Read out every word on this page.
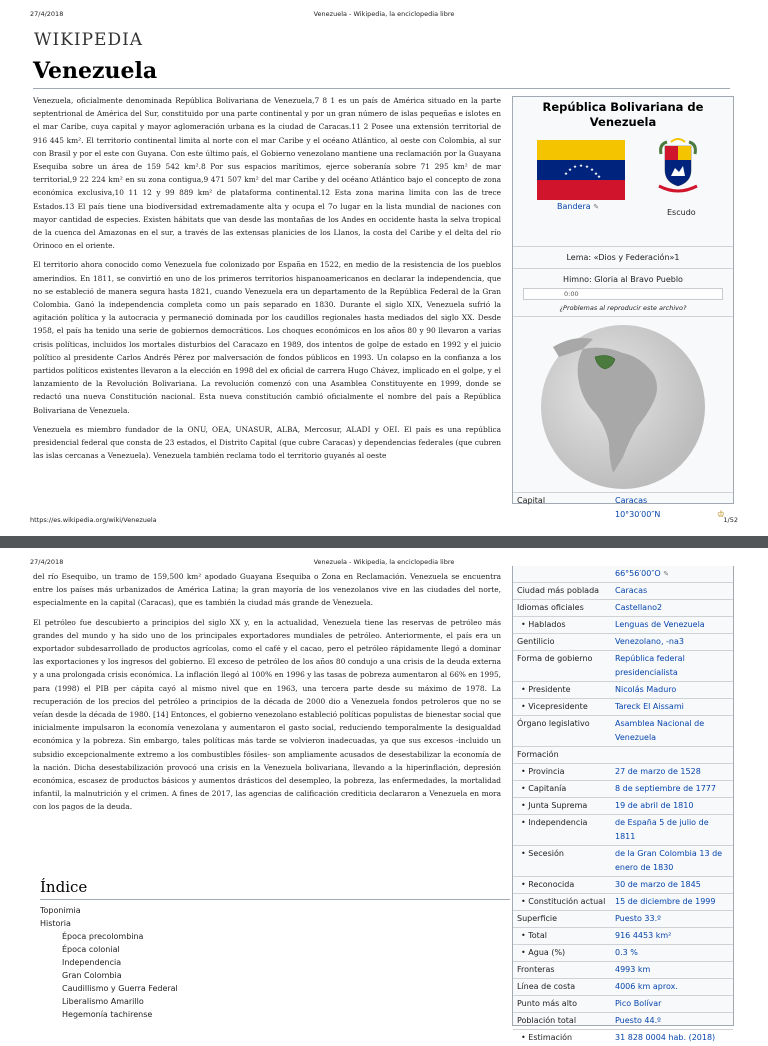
27/4/2018	Venezuela - Wikipedia, la enciclopedia libre
WIKIPEDIA
Venezuela

Venezuela, oficialmente denominada República Bolivariana de Venezuela,7 8 1 es un país de América situado en la parte septentrional de América del Sur, constituido por una parte continental y por un gran número de islas pequeñas e islotes en el mar Caribe, cuya capital y mayor aglomeración urbana es la ciudad de Caracas.11 2 Posee una extensión territorial de 916 445 km². El territorio continental limita al norte con el mar Caribe y el océano Atlántico, al oeste con Colombia, al sur con Brasil y por el este con Guyana. Con este último país, el Gobierno venezolano mantiene una reclamación por la Guayana Esequiba sobre un área de 159 542 km².8 Por sus espacios marítimos, ejerce soberanía sobre 71 295 km² de mar territorial,9 22 224 km² en su zona contigua,9 471 507 km² del mar Caribe y del océano Atlántico bajo el concepto de zona económica exclusiva,10 11 12 y 99 889 km² de plataforma continental.12 Esta zona marina limita con las de trece Estados.13 El país tiene una biodiversidad extremadamente alta y ocupa el 7o lugar en la lista mundial de naciones con mayor cantidad de especies. Existen hábitats que van desde las montañas de los Andes en occidente hasta la selva tropical de la cuenca del Amazonas en el sur, a través de las extensas planicies de los Llanos, la costa del Caribe y el delta del río Orinoco en el oriente.

El territorio ahora conocido como Venezuela fue colonizado por España en 1522, en medio de la resistencia de los pueblos amerindios. En 1811, se convirtió en uno de los primeros territorios hispanoamericanos en declarar la independencia, que no se estableció de manera segura hasta 1821, cuando Venezuela era un departamento de la República Federal de la Gran Colombia. Ganó la independencia completa como un país separado en 1830. Durante el siglo XIX, Venezuela sufrió la agitación política y la autocracia y permaneció dominada por los caudillos regionales hasta mediados del siglo XX. Desde 1958, el país ha tenido una serie de gobiernos democráticos. Los choques económicos en los años 80 y 90 llevaron a varias crisis políticas, incluidos los mortales disturbios del Caracazo en 1989, dos intentos de golpe de estado en 1992 y el juicio político al presidente Carlos Andrés Pérez por malversación de fondos públicos en 1993. Un colapso en la confianza a los partidos políticos existentes llevaron a la elección en 1998 del ex oficial de carrera Hugo Chávez, implicado en el golpe, y el lanzamiento de la Revolución Bolivariana. La revolución comenzó con una Asamblea Constituyente en 1999, donde se redactó una nueva Constitución nacional. Esta nueva constitución cambió oficialmente el nombre del país a República Bolivariana de Venezuela.

Venezuela es miembro fundador de la ONU, OEA, UNASUR, ALBA, Mercosur, ALADI y OEI. El país es una república presidencial federal que consta de 23 estados, el Distrito Capital (que cubre Caracas) y dependencias federales (que cubren las islas cercanas a Venezuela). Venezuela también reclama todo el territorio guyanés al oeste

República Bolivariana de Venezuela
★
★
★ ★ ★
★
★
★
Bandera ✎
Escudo
Lema: «Dios y Federación»1
Himno: Gloria al Bravo Pueblo
0:00
¿Problemas al reproducir este archivo?
Capital	Caracas
10°30′00″N	♔
https://es.wikipedia.org/wiki/Venezuela	1/52
27/4/2018	Venezuela - Wikipedia, la enciclopedia libre

del río Esequibo, un tramo de 159,500 km² apodado Guayana Esequiba o Zona en Reclamación. Venezuela se encuentra entre los países más urbanizados de América Latina; la gran mayoría de los venezolanos vive en las ciudades del norte, especialmente en la capital (Caracas), que es también la ciudad más grande de Venezuela.

El petróleo fue descubierto a principios del siglo XX y, en la actualidad, Venezuela tiene las reservas de petróleo más grandes del mundo y ha sido uno de los principales exportadores mundiales de petróleo. Anteriormente, el país era un exportador subdesarrollado de productos agrícolas, como el café y el cacao, pero el petróleo rápidamente llegó a dominar las exportaciones y los ingresos del gobierno. El exceso de petróleo de los años 80 condujo a una crisis de la deuda externa y a una prolongada crisis económica. La inflación llegó al 100% en 1996 y las tasas de pobreza aumentaron al 66% en 1995, para (1998) el PIB per cápita cayó al mismo nivel que en 1963, una tercera parte desde su máximo de 1978. La recuperación de los precios del petróleo a principios de la década de 2000 dio a Venezuela fondos petroleros que no se veían desde la década de 1980. [14] Entonces, el gobierno venezolano estableció políticas populistas de bienestar social que inicialmente impulsaron la economía venezolana y aumentaron el gasto social, reduciendo temporalmente la desigualdad económica y la pobreza. Sin embargo, tales políticas más tarde se volvieron inadecuadas, ya que sus excesos -incluido un subsidio excepcionalmente extremo a los combustibles fósiles- son ampliamente acusados de desestabilizar la economía de la nación. Dicha desestabilización provocó una crisis en la Venezuela bolivariana, llevando a la hiperinflación, depresión económica, escasez de productos básicos y aumentos drásticos del desempleo, la pobreza, las enfermedades, la mortalidad infantil, la malnutrición y el crimen. A fines de 2017, las agencias de calificación crediticia declararon a Venezuela en mora con los pagos de la deuda.

Índice
Toponimia
Historia
Época precolombina
Época colonial
Independencia
Gran Colombia
Caudillismo y Guerra Federal
Liberalismo Amarillo
Hegemonía tachirense
66°56′00″O ✎
Ciudad más poblada	Caracas
Idiomas oficiales	Castellano2
• Hablados	Lenguas de Venezuela
Gentilicio	Venezolano, -na3
Forma de gobierno	República federal presidencialista
• Presidente	Nicolás Maduro
• Vicepresidente	Tareck El Aissami
Órgano legislativo	Asamblea Nacional de Venezuela
Formación
• Provincia	27 de marzo de 1528
• Capitanía	8 de septiembre de 1777
• Junta Suprema	19 de abril de 1810
• Independencia	de España 5 de julio de 1811
• Secesión	de la Gran Colombia 13 de enero de 1830
• Reconocida	30 de marzo de 1845
• Constitución actual	15 de diciembre de 1999
Superficie	Puesto 33.º
• Total	916 4453 km²
• Agua (%)	0.3 %
Fronteras	4993 km
Línea de costa	4006 km aprox.
Punto más alto	Pico Bolívar
Población total	Puesto 44.º
• Estimación	31 828 0004 hab. (2018)
